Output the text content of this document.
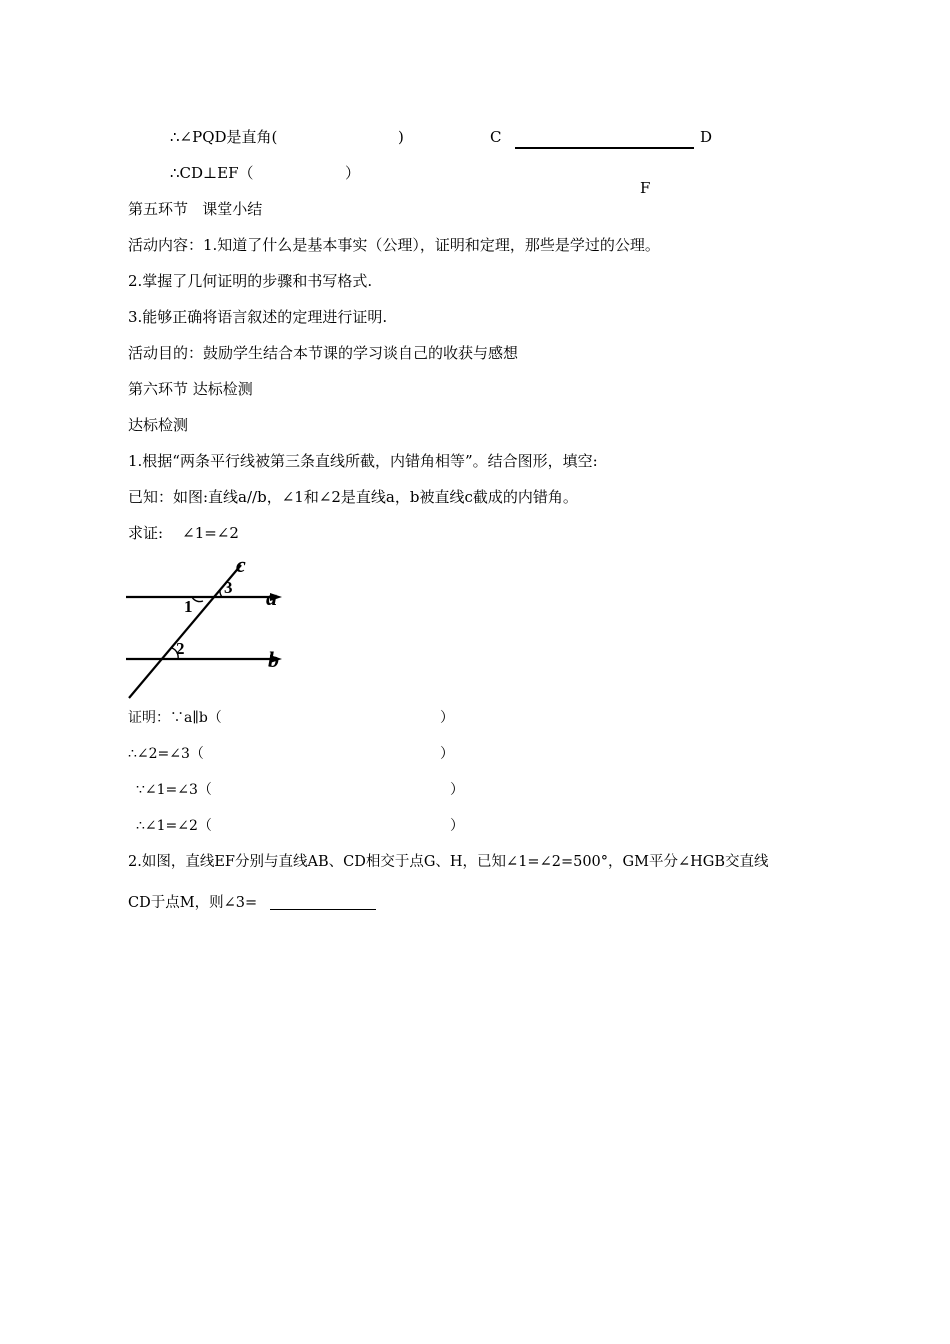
∴∠PQD是直角(	)	C	D
∴CD⊥EF（	）
F
第五环节   课堂小结
活动内容：1.知道了什么是基本事实（公理），证明和定理，那些是学过的公理。
2.掌握了几何证明的步骤和书写格式.
3.能够正确将语言叙述的定理进行证明.
活动目的：鼓励学生结合本节课的学习谈自己的收获与感想
第六环节 达标检测
达标检测
1.根据“两条平行线被第三条直线所截，内错角相等”。结合图形，填空:
已知：如图:直线a//b，∠1和∠2是直线a，b被直线c截成的内错角。
求证:    ∠1=∠2
1
3
2
c
a
b
证明：∵a∥b（	）
∴∠2=∠3（	）
∵∠1=∠3（	）
∴∠1=∠2（	）
2.如图，直线EF分别与直线AB、CD相交于点G、H，已知∠1=∠2=500°，GM平分∠HGB交直线
CD于点M，则∠3=
